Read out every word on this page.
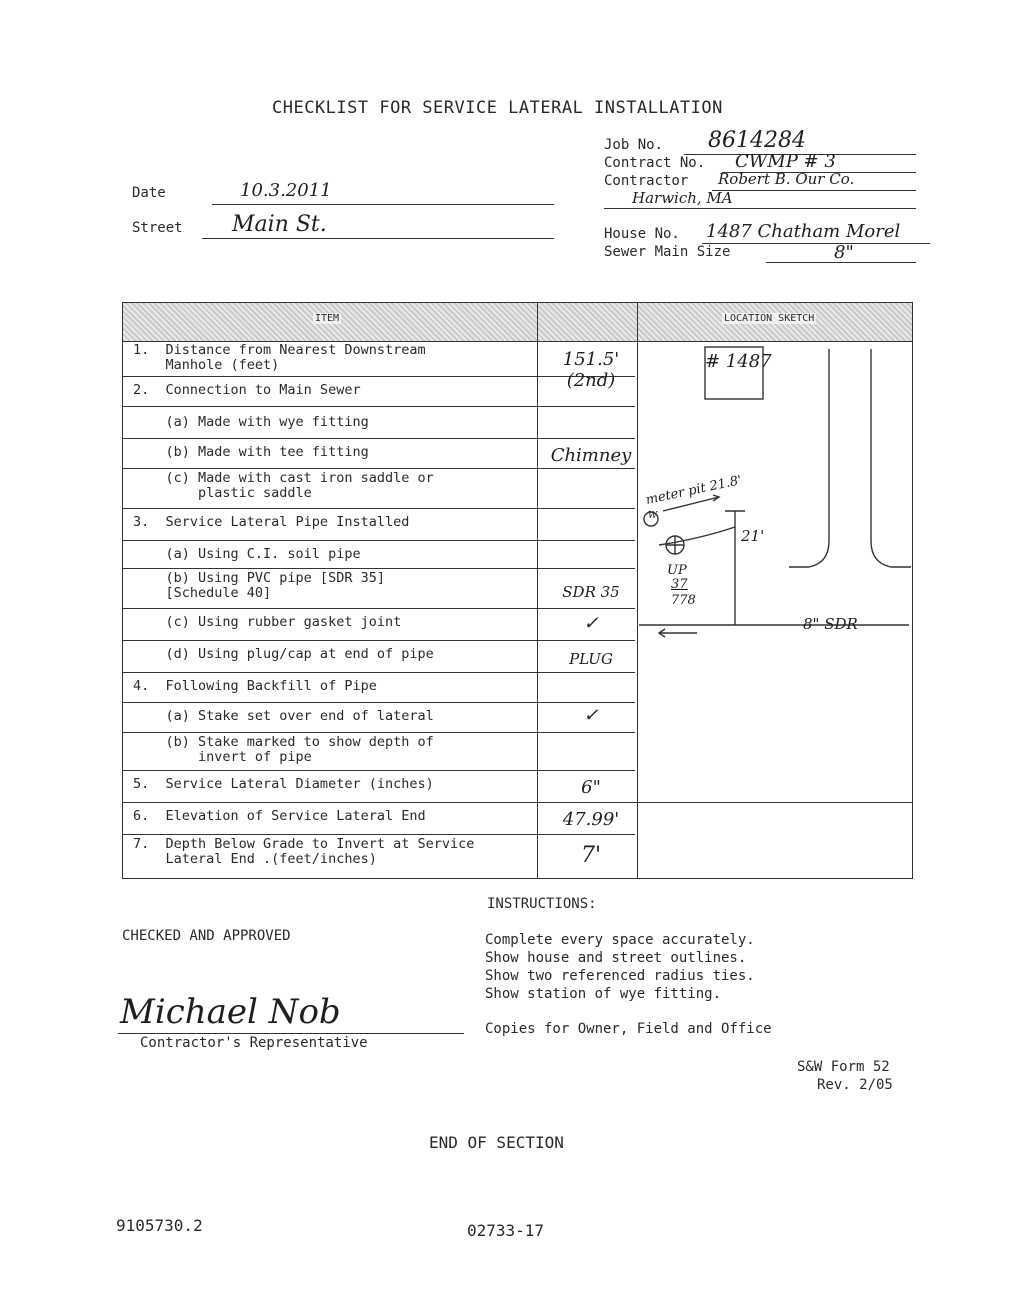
CHECKLIST FOR SERVICE LATERAL INSTALLATION
Job No. 8614284
Contract No. CWMP # 3
Contractor Robert B. Our Co.
Harwich, MA
Date	10.3.2011
Street Main St.	House No. 1487 Chatham Morel
Sewer Main Size	8"
ITEM	LOCATION SKETCH
1.  Distance from Nearest Downstream
Manhole (feet)	151.5' (2nd)
2.  Connection to Main Sewer
(a) Made with wye fitting
(b) Made with tee fitting	Chimney
(c) Made with cast iron saddle or
plastic saddle
3.  Service Lateral Pipe Installed
(a) Using C.I. soil pipe
(b) Using PVC pipe [SDR 35]
[Schedule 40]	SDR 35
(c) Using rubber gasket joint	✓
(d) Using plug/cap at end of pipe	PLUG
4.  Following Backfill of Pipe
(a) Stake set over end of lateral	✓
(b) Stake marked to show depth of
invert of pipe
5.  Service Lateral Diameter (inches)	6"
6.  Elevation of Service Lateral End	47.99'
7.  Depth Below Grade to Invert at Service
Lateral End .(feet/inches)	7'
# 1487
meter pit 21.8'
W
21'
UP
37
778
8" SDR
INSTRUCTIONS:
Complete every space accurately.
Show house and street outlines.
Show two referenced radius ties.
Show station of wye fitting.
Copies for Owner, Field and Office
CHECKED AND APPROVED
Michael Nob
Contractor's Representative
S&W Form 52
Rev. 2/05
END OF SECTION
9105730.2	02733-17
